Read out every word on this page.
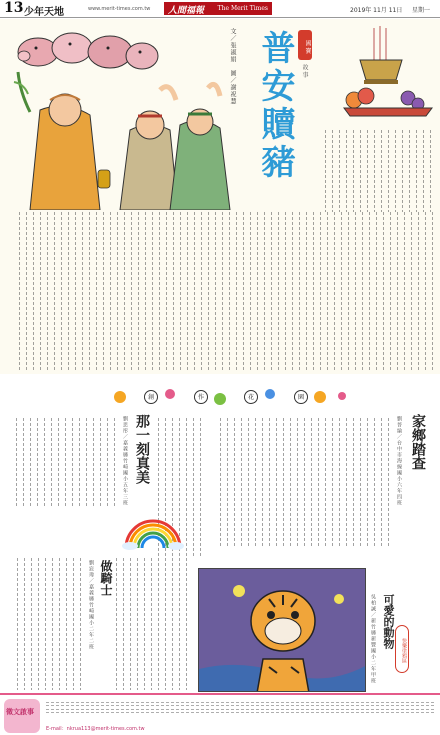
13 少年天地	www.merit-times.com.tw 人間福報 The Merit Times	2019年 11月 11日 星期一
國 寶
故 事
普安贖豬
文／張淑娟　圖／謝祝慧
創	作	花	園
家鄉踏查
劉晉綸／台中市海線國小六年四班
那一刻真美
劉思彤／嘉義縣竹崎國小五年三班
做騎士
劉宸瑋／嘉義縣竹崎國小二年二班	可愛的動物
吳柏誠／新竹縣新豐國小二年甲班	快樂塗鴉區
徵文啟事
E-mail：nkrua113@merit-times.com.tw
